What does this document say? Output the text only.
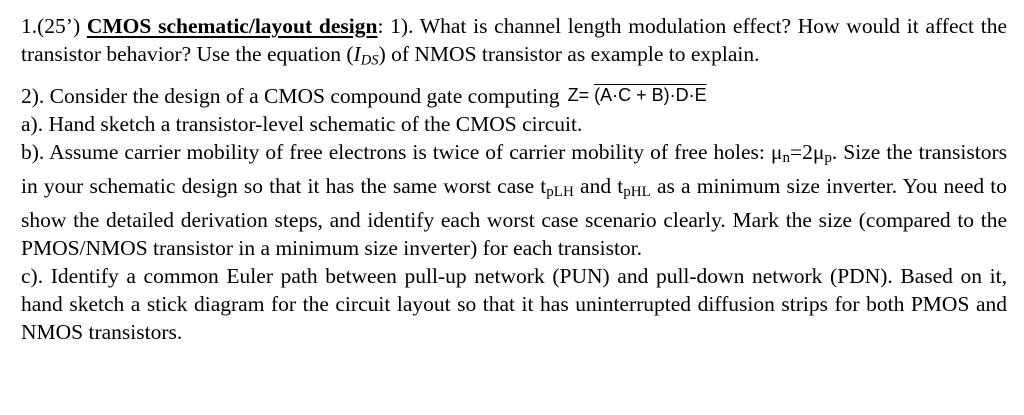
1.(25’) CMOS schematic/layout design: 1). What is channel length modulation effect? How would it affect the transistor behavior? Use the equation $(I_{DS})$ of NMOS transistor as example to explain.

2). Consider the design of a CMOS compound gate computing Z= (A·C + B)·D·E

a). Hand sketch a transistor-level schematic of the CMOS circuit.

b). Assume carrier mobility of free electrons is twice of carrier mobility of free holes: $\mu_n=2\mu_p$. Size the transistors in your schematic design so that it has the same worst case $t_{pLH}$ and $t_{pHL}$ as a minimum size inverter. You need to show the detailed derivation steps, and identify each worst case scenario clearly. Mark the size (compared to the PMOS/NMOS transistor in a minimum size inverter) for each transistor.

c). Identify a common Euler path between pull-up network (PUN) and pull-down network (PDN). Based on it, hand sketch a stick diagram for the circuit layout so that it has uninterrupted diffusion strips for both PMOS and NMOS transistors.
